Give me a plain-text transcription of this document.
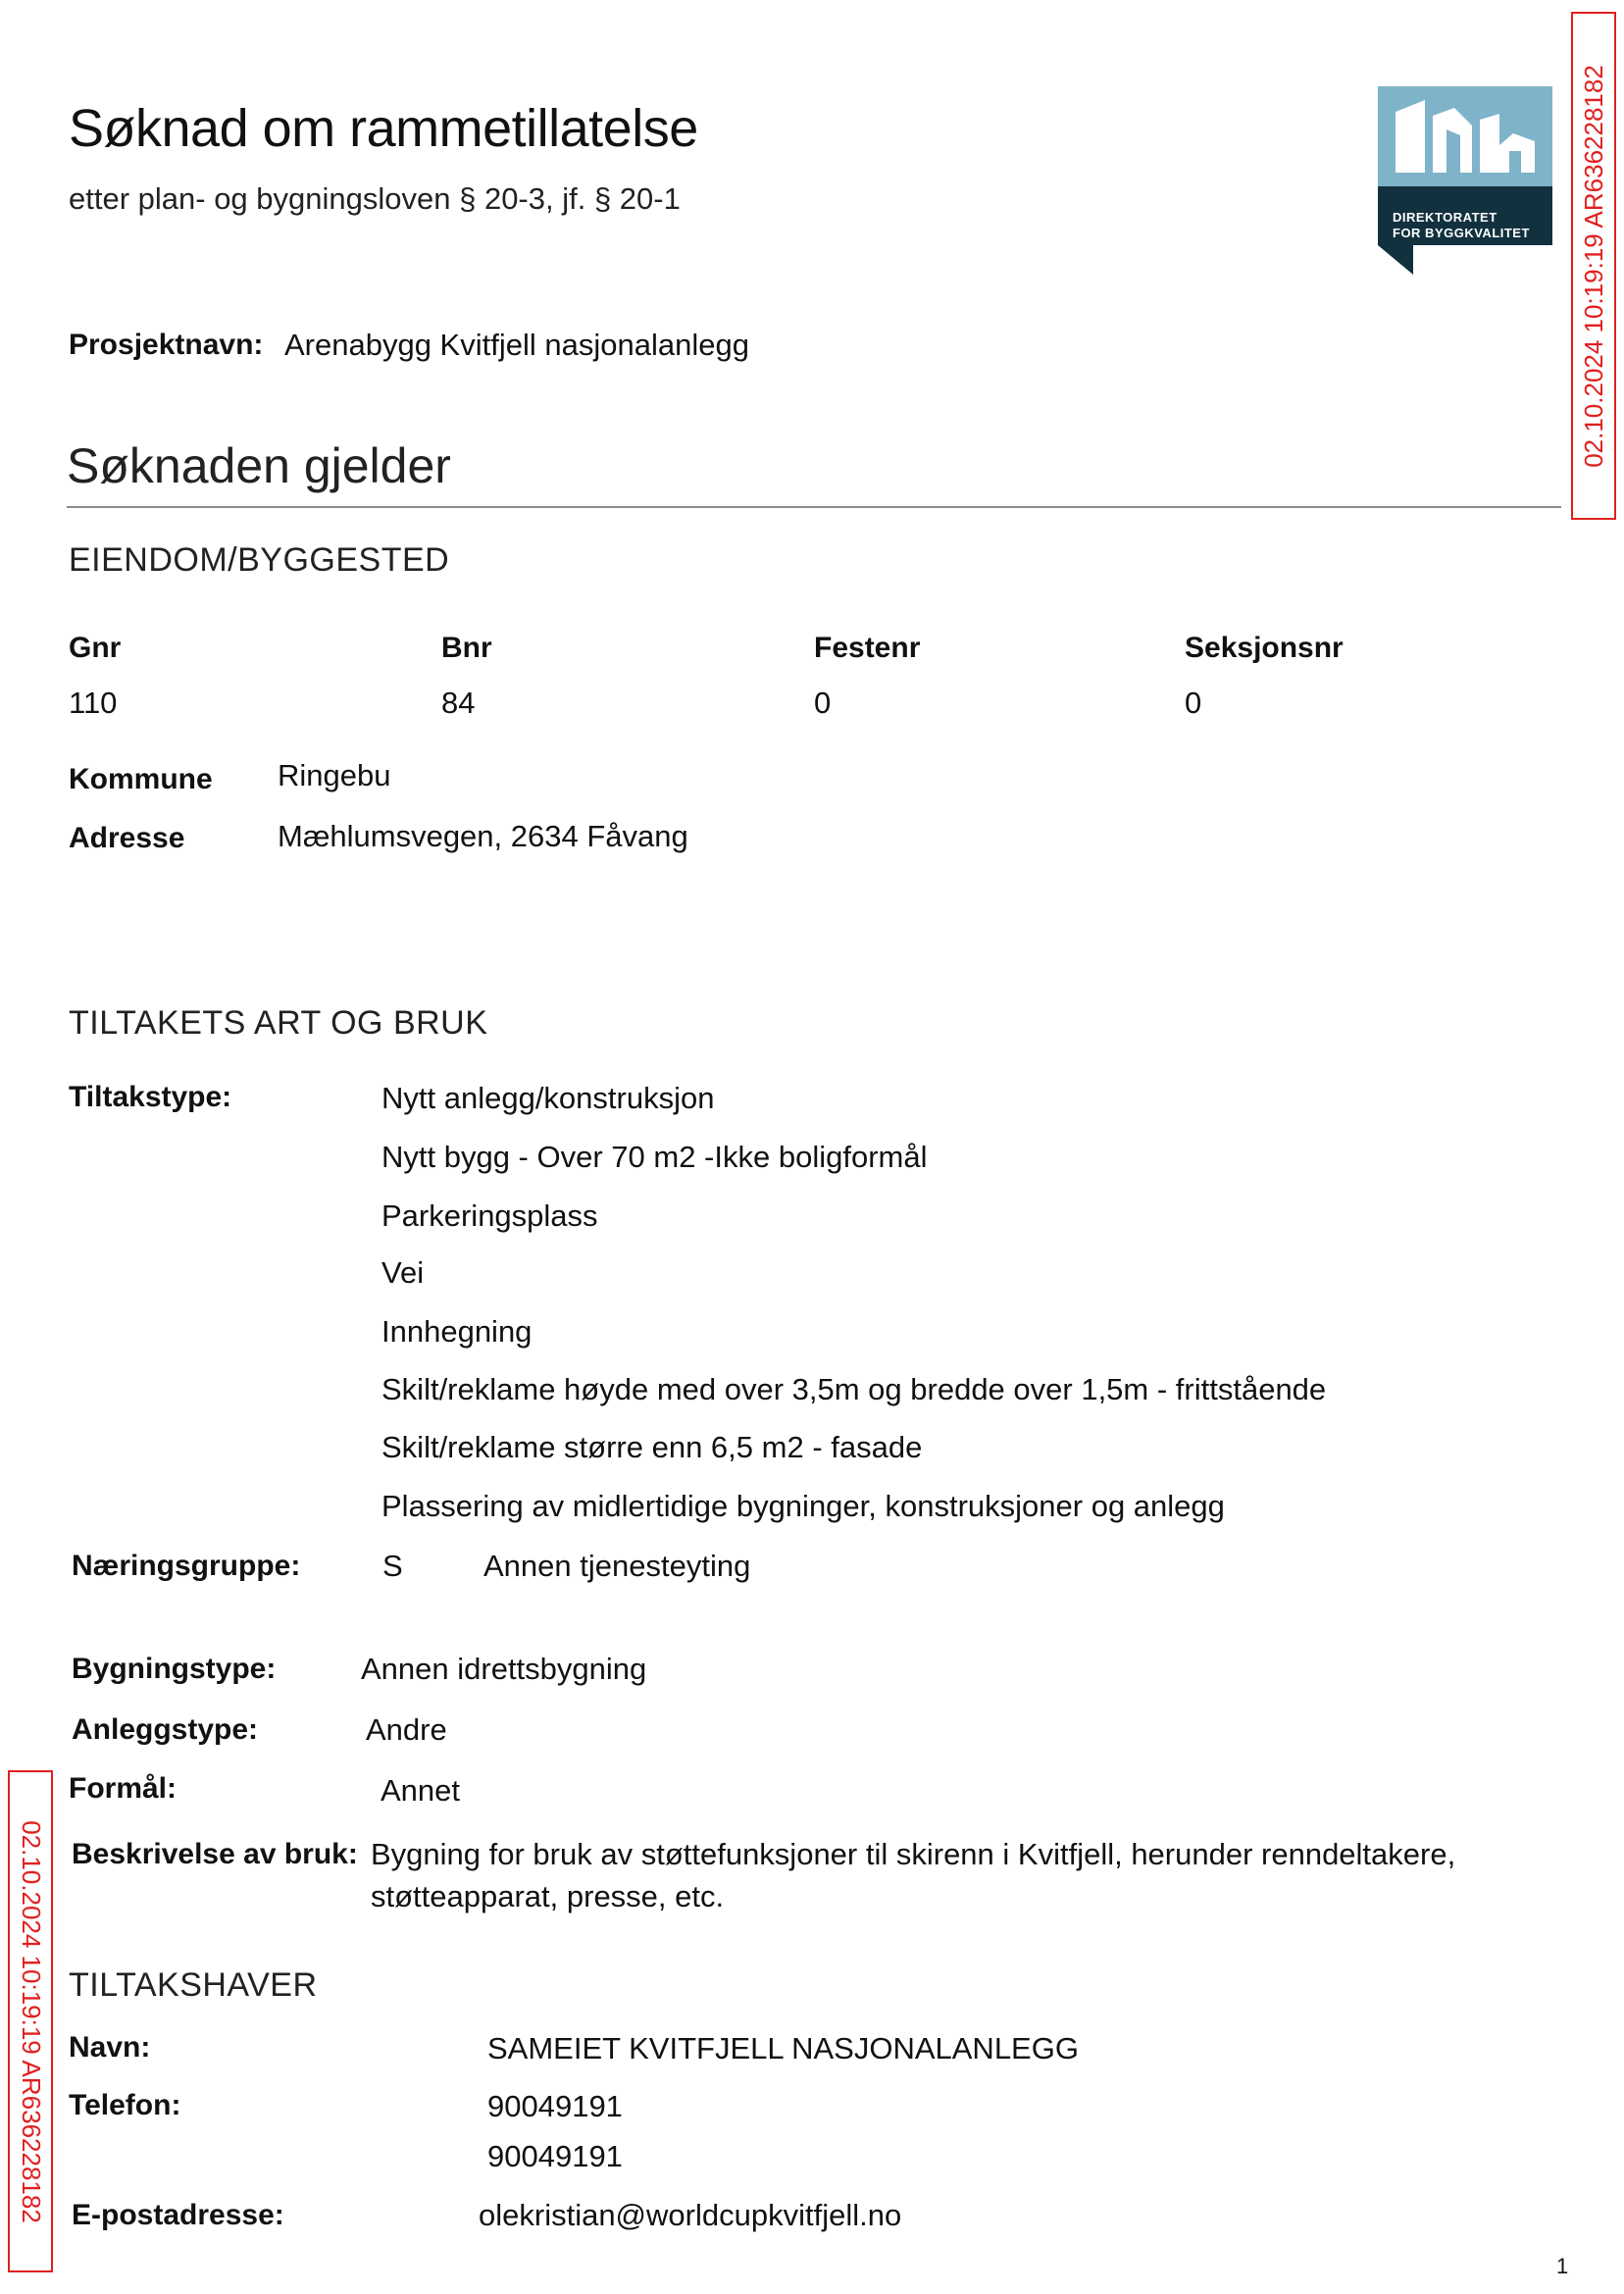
Søknad om rammetillatelse
etter plan- og bygningsloven § 20-3, jf. § 20-1
DIREKTORATET
FOR BYGGKVALITET	02.10.2024 10:19:19 AR636228182
02.10.2024 10:19:19 AR636228182
Prosjektnavn: Arenabygg Kvitfjell nasjonalanlegg
Søknaden gjelder
EIENDOM/BYGGESTED
Gnr	Bnr	Festenr	Seksjonsnr
110	84	0	0
Kommune Ringebu
Adresse	Mæhlumsvegen, 2634 Fåvang
TILTAKETS ART OG BRUK
Tiltakstype:	Nytt anlegg/konstruksjon
Nytt bygg - Over 70 m2 -Ikke boligformål
Parkeringsplass
Vei
Innhegning
Skilt/reklame høyde med over 3,5m og bredde over 1,5m - frittstående
Skilt/reklame større enn 6,5 m2 - fasade
Plassering av midlertidige bygninger, konstruksjoner og anlegg
Næringsgruppe:	S	Annen tjenesteyting
Bygningstype:	Annen idrettsbygning
Anleggstype:	Andre
Formål:	Annet
Beskrivelse av bruk: Bygning for bruk av støttefunksjoner til skirenn i Kvitfjell, herunder renndeltakere,
støtteapparat, presse, etc.
TILTAKSHAVER
Navn:	SAMEIET KVITFJELL NASJONALANLEGG
Telefon:	90049191
90049191
E-postadresse:	olekristian@worldcupkvitfjell.no
1
